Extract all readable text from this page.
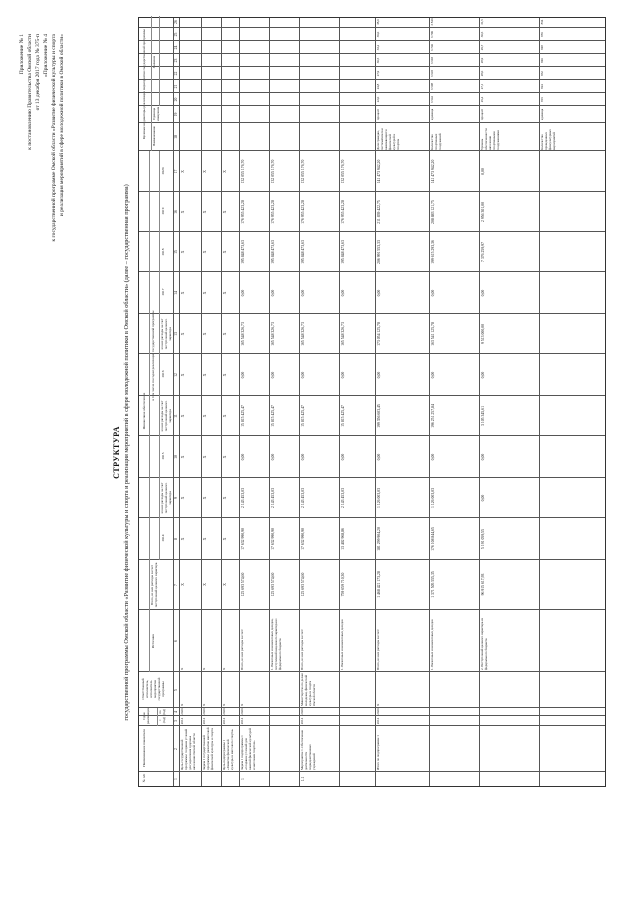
Приложение № 1 к постановлению Правительства Омской области от 13 декабря 2017 года № 375-п «Приложение № 4 к государственной программе Омской области «Развитие физической культуры и спорта и реализация мероприятий в сфере молодежной политики в Омской области»
СТРУКТУРА государственной программы Омской области «Развитие физической культуры и спорта и реализация мероприятий в сфере молодежной политики в Омской области» (далее – государственная программа)
№ п/п
Наименование показателя
Срок реализации	с (год)
по (год)
Ответственный исполнитель, исполнитель мероприятия государственной программы
Финансовое обеспечение
Источник
Всего, из них расходы за счет поступлений целевого характера
в том числе по годам реализации государственной программы
2014
из них расходы за счет поступлений целевого характера
2015
из них расходы за счет поступлений целевого характера
2016
из них расходы за счет поступлений целевого характера
2017
2018
2019
2020
Целевые индикаторы реализации мероприятия государственной программы Наименование
Единица измерения
Значение
1
2
3
4
5
6
7
8
9
10
11
12
13
14
15
16
17
18
19
20
21
22
23
24
25
26
Цель государственной программы: создание условий для укрепления здоровья населения Омской области
2014
2020
Х
Х
Х
Х
Х
Х
Х
Х
Х
Х
Х
Х
Х
Задача 1 государственной программы: развитие массовой физической культуры и спорта
2014
2020
Х
Х
Х
Х
Х
Х
Х
Х
Х
Х
Х
Х
Х
Цель подпрограммы 1 «Развитие физической культуры и массового спорта»
2014
2020
Х
Х
Х
Х
Х
Х
Х
Х
Х
Х
Х
Х
Х
1
Задача 1 подпрограммы 1 «Создание условий для занятий физической культурой и массовым спортом»
2014
2020
Х
Всего, из них расходы за счет:
125 693 574,60
17 632 990,90
2 143 453,03
0,00
15 815 425,47
0,00
165 548 326,73
0,00
195 848 473,63
176 955 423,28
132 055 176,70
1. Налоговых и неналоговых доходов, поступлений нецелевого характера из федерального бюджета
125 693 574,60
17 632 990,90
2 143 453,03
0,00
15 815 425,47
0,00
165 548 326,73
0,00
195 848 473,63
176 955 423,28
132 055 176,70
1.1
Мероприятие 1. Обеспечение деятельности подведомственных учреждений
2014
2020
Министерство по делам молодежи, физической культуры и спорта Омской области
Всего, из них расходы за счет:
125 693 574,60
17 632 990,90
2 143 453,03
0,00
15 815 425,47
0,00
165 548 326,73
0,00
195 848 473,63
176 955 423,28
132 055 176,70
1. Налоговых и неналоговых доходов
759 659 710,30
13 402 968,86
2 143 453,03
0,00
15 815 425,47
0,00
165 548 326,73
0,00
195 848 473,63
176 955 423,28
132 055 176,70
Итого по подпрограмме 1
2014
2020
Х
Всего, из них расходы за счет:
1 468 421 173,28
181 299 904,20
1 126 003,03
0,00
199 356 603,45
0,00
173 054 125,78
0,00
206 991 553,33
211 839 422,75
141 473 942,20
1. Налоговых и неналоговых доходов
1 371 505 555,35
176 108 844,65
1 126 003,03
0,00
196 251 257,84
0,00
163 541 125,78
0,00
199 615 293,36
208 883 121,75
141 473 942,20
2. Поступлений целевого характера из федерального бюджета
96 915 617,93
5 191 059,55
0,00
0,00
3 105 345,61
0,00
9 513 000,00
0,00
7 376 259,97
2 956 301,00
0,00
Доля граждан, систематически занимающихся физической культурой и спортом
процент
22,0
24,8
27,9
30,5
33,2
36,0
38,0
Количество спортивных сооружений
единица
3 542
3 598
3 645
3 693
3 740
3 790
3 840
Уровень обеспеченности населения спортивными сооружениями
процент
26,4
27,1
28,0
28,9
29,7
30,6
31,5
Количество проведенных физкультурных мероприятий
единица
816
824
832
840
848
856
864
